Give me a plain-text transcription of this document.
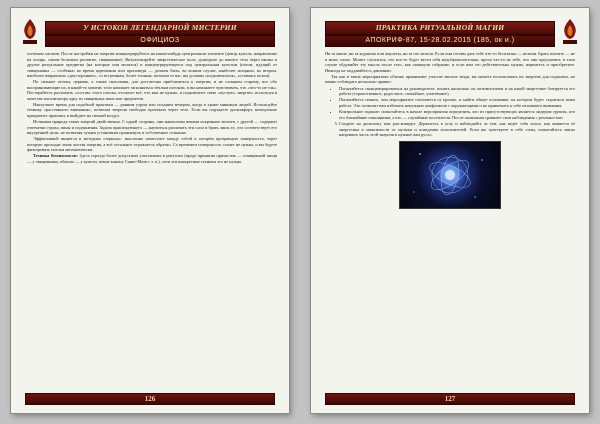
У ИСТОКОВ ЛЕГЕНДАРНОЙ МИСТЕРИИ
ОФИЦИОЗ

отечеком хагахов. После настройки на энергии концентрируйтесь на каком-нибудь центральном элементе (центр купола, направление на алтарь, самом большом распятие, священнике). Визуализируйте энергетическое поле, дошедшее до вашего тела через иконы и другие ритуальные предметы (на которые они молятся) и концентрирующееся под центральным куполом (потом, идущий от священника — особенно во время церемонии или проповеди — должен быть, во всяком случае, наиболее мощным, во втором, наиболее ваиравлено «двустороннее», со встречным, более точным, потоком от вас, вы должны «подключиться», оставаясь потом).

По сильнее потока, церковь, а также скопления, для достаточно приблизиться к энергии, и не слишком старому, все обо воспринимающие их, в какой-то момент, тело начинает заполняться тёплым потоком, и вы начинаете чувствовать, что «что-то не так». Постарайтесь разложить «состав» этого потока, отсеките всё, что вам не нужно, и подключите свою «пустую» энергию, используя в качестве катализатора одну из священных икон или предметов.

Наилучшее время для подобной практики — ранним утром или поздним вечером, когда в храме минимум людей. Используйте технику «рассеянного внимания», позволяя энергии свободно протекать через тело. Если вы ощущаете дискомфорт, немедленно прекратите практику и выйдите на свежий воздух.

Истинная природа таких энергий двойственна. С одной стороны, они накоплены веками искренних молитв, с другой — содержат отпечатки страха, вины и подчинения. Задача практикующего — научиться различать эти слои и брать лишь то, что соответствует его внутренней цели, не позволяя чужим установкам проникнуть в собственное сознание.

Эффективной является и методика «зеркала»: мысленно поместите между собой и алтарём прозрачную поверхность, через которую проходит лишь чистая энергия, а всё остальное отражается обратно. Со временем поверхность станет не нужна, и вы будете фильтровать потоки автоматически.

Техника безопасности: Здесь гораздо более допустимо участвовать в ритуалах (вроде принятия причастия — освященной пищи — у священника, обычно — у купели, пение канону Санкт-Матв с т. п.), хотя эти конкретные техники это не нужно.

126
ПРАКТИКА РИТУАЛЬНОЙ МАГИИ
АПОКРИФ-87, 15-28.02.2015 (185, ок и.)

Ни за какие, ни за журналы или амулеты, ни за что нельзя. Если они готовы дать тебе что-то бесплатно — возьми. Брать платить — не в моих силах. Может случиться, что кто-то будет вести себя недоброжелательно, прося что-то не тебе, что они предлагают, в этом случае обдумайте эту мысль после того, как покинули собрание, и если вам это действительно нужно, вернитесь и приобретите. Никогда не поддавайтесь давлению.

Так как в таких мероприятиях обычно принимают участие многие люди, вы можете использовать их энергию для подпитки, но важно соблюдать несколько правил:

• Попытайтесь сконцентрироваться на руководителе, понять насколько он оптимистичен и на какой энергетике базируется его работа (торжественное, радостное, спокойное, угнетённое).
• Попытайтесь понять, чем мероприятие отличается от прочих, и найти общее основание, на котором будет строиться ваша работа. Это позволит вам избежать ненужных конфликтов с окружающими и не привлекать к себе излишнего внимания.
• Контрольное задание: попытайтесь в начале мероприятия определить, кто из присутствующих является лидером группы, кто его ближайшие помощники, а кто — случайные посетители. После окончания сравните свои наблюдения с реальностью.
5. Сходите на дискотеку или рок-концерт. Держитесь в углу и наблюдайте за тем, как ведёт себя толпа, как меняется её энергетика в зависимости от музыки и поведения исполнителей. Если вы чувствуете в себе силы, попытайтесь мягко направить часть этой энергии в нужное вам русло.
127
